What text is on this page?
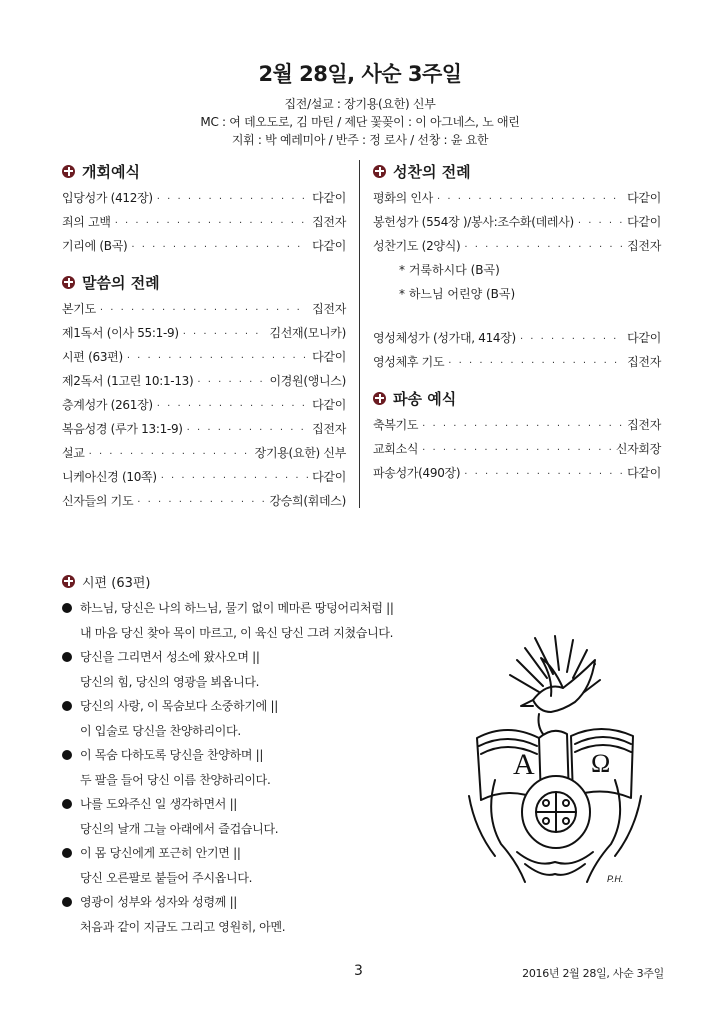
2월 28일, 사순 3주일
집전/설교 : 장기용(요한) 신부
MC : 여 데오도로, 김 마틴 / 제단 꽃꽂이 : 이 아그네스, 노 애린
지휘 : 박 예레미아 / 반주 : 정 로사 / 선창 : 윤 요한
개회예식
입당성가 (412장) · · ·	다같이
죄의 고백 · · ·	집전자
기리에 (B곡) · · ·	다같이
말씀의 전례
본기도 · · ·	집전자
제1독서 (이사 55:1-9) · · ·	김선재(모니카)
시편 (63편) · · ·	다같이
제2독서 (1고린 10:1-13) · · ·	이경원(앵니스)
층계성가 (261장) · · ·	다같이
복음성경 (루가 13:1-9) · · ·	집전자
설교 · · ·	장기용(요한) 신부
니케아신경 (10쪽) · · ·	다같이
신자들의 기도 · · ·	강승희(휘데스)
성찬의 전례
평화의 인사 · · ·	다같이
봉헌성가 (554장 )/봉사:조수화(데레사) · · ·	다같이
성찬기도 (2양식) · · ·	집전자
* 거룩하시다 (B곡)
* 하느님 어린양 (B곡)
영성체성가 (성가대, 414장) · · ·	다같이
영성체후 기도 · · ·	집전자
파송 예식
축복기도 · · ·	집전자
교회소식 · · ·	신자회장
파송성가(490장) · · ·	다같이
시편 (63편)
하느님, 당신은 나의 하느님, 물기 없이 메마른 땅덩어리처럼 ||
내 마음 당신 찾아 목이 마르고, 이 육신 당신 그려 지쳤습니다.
당신을 그리면서 성소에 왔사오며 ||
당신의 힘, 당신의 영광을 뵈옵니다.
당신의 사랑, 이 목숨보다 소중하기에 ||
이 입술로 당신을 찬양하리이다.
이 목숨 다하도록 당신을 찬양하며 ||
두 팔을 들어 당신 이름 찬양하리이다.
나를 도와주신 일 생각하면서 ||
당신의 날개 그늘 아래에서 즐겁습니다.
이 몸 당신에게 포근히 안기면 ||
당신 오른팔로 붙들어 주시옵니다.
영광이 성부와 성자와 성령께 ||
처음과 같이 지금도 그리고 영원히, 아멘.
A Ω
P.H.
3	2016년 2월 28일, 사순 3주일
